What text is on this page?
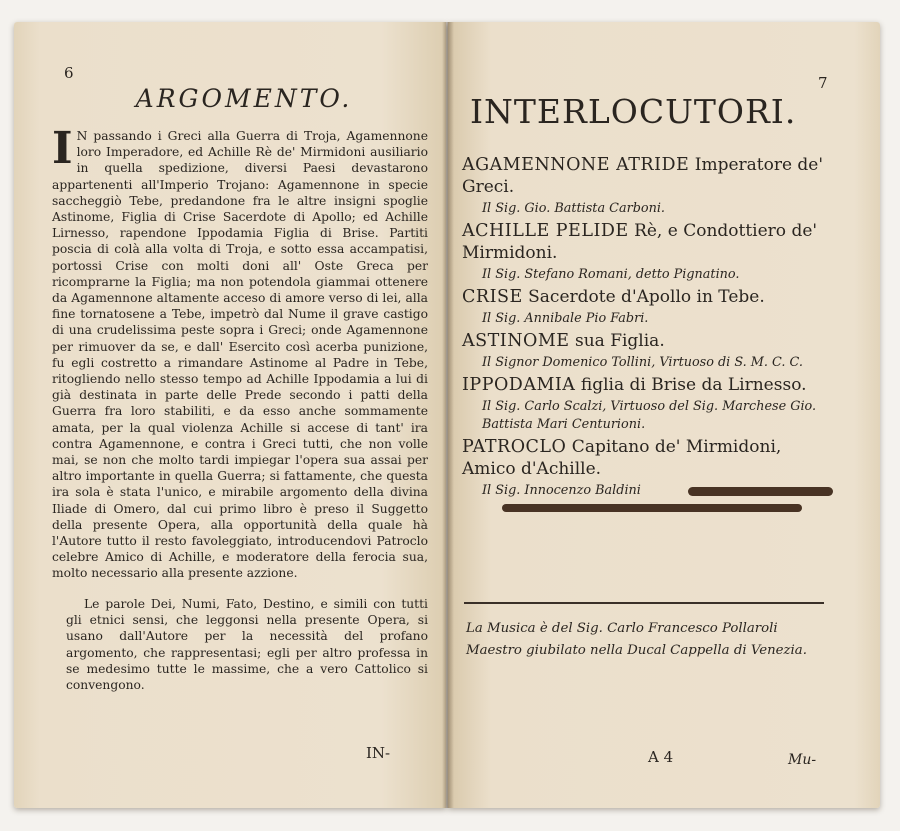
6
ARGOMENTO.

I N passando i Greci alla Guerra di Troja, Agamennone loro Imperadore, ed Achille Rè de' Mirmidoni ausiliario in quella spedizione, diversi Paesi devastarono appartenenti all'Imperio Trojano: Agamennone in specie saccheggiò Tebe, predandone fra le altre insigni spoglie Astinome, Figlia di Crise Sacerdote di Apollo; ed Achille Lirnesso, rapendone Ippodamia Figlia di Brise. Partiti poscia di colà alla volta di Troja, e sotto essa accampatisi, portossi Crise con molti doni all' Oste Greca per ricomprarne la Figlia; ma non potendola giammai ottenere da Agamennone altamente acceso di amore verso di lei, alla fine tornatosene a Tebe, impetrò dal Nume il grave castigo di una crudelissima peste sopra i Greci; onde Agamennone per rimuover da se, e dall' Esercito così acerba punizione, fu egli costretto a rimandare Astinome al Padre in Tebe, ritogliendo nello stesso tempo ad Achille Ippodamia a lui di già destinata in parte delle Prede secondo i patti della Guerra fra loro stabiliti, e da esso anche sommamente amata, per la qual violenza Achille si accese di tant' ira contra Agamennone, e contra i Greci tutti, che non volle mai, se non che molto tardi impiegar l'opera sua assai per altro importante in quella Guerra; si fattamente, che questa ira sola è stata l'unico, e mirabile argomento della divina Iliade di Omero, dal cui primo libro è preso il Suggetto della presente Opera, alla opportunità della quale hà l'Autore tutto il resto favoleggiato, introducendovi Patroclo celebre Amico di Achille, e moderatore della ferocia sua, molto necessario alla presente azzione.

Le parole Dei, Numi, Fato, Destino, e simili con tutti gli etnici sensi, che leggonsi nella presente Opera, si usano dall'Autore per la necessità del profano argomento, che rappresentasi; egli per altro professa in se medesimo tutte le massime, che a vero Cattolico si convengono.

IN-
7
INTERLOCUTORI.

AGAMENNONE ATRIDE Imperatore de' Greci.

Il Sig. Gio. Battista Carboni.

ACHILLE PELIDE Rè, e Condottiero de' Mirmidoni.

Il Sig. Stefano Romani, detto Pignatino.

CRISE Sacerdote d'Apollo in Tebe.

Il Sig. Annibale Pio Fabri.

ASTINOME sua Figlia.

Il Signor Domenico Tollini, Virtuoso di S. M. C. C.

IPPODAMIA figlia di Brise da Lirnesso.

Il Sig. Carlo Scalzi, Virtuoso del Sig. Marchese Gio. Battista Mari Centurioni.

PATROCLO Capitano de' Mirmidoni, Amico d'Achille.

Il Sig. Innocenzo Baldini

La Musica è del Sig. Carlo Francesco Pollaroli Maestro giubilato nella Ducal Cappella di Venezia.
A 4	Mu-
